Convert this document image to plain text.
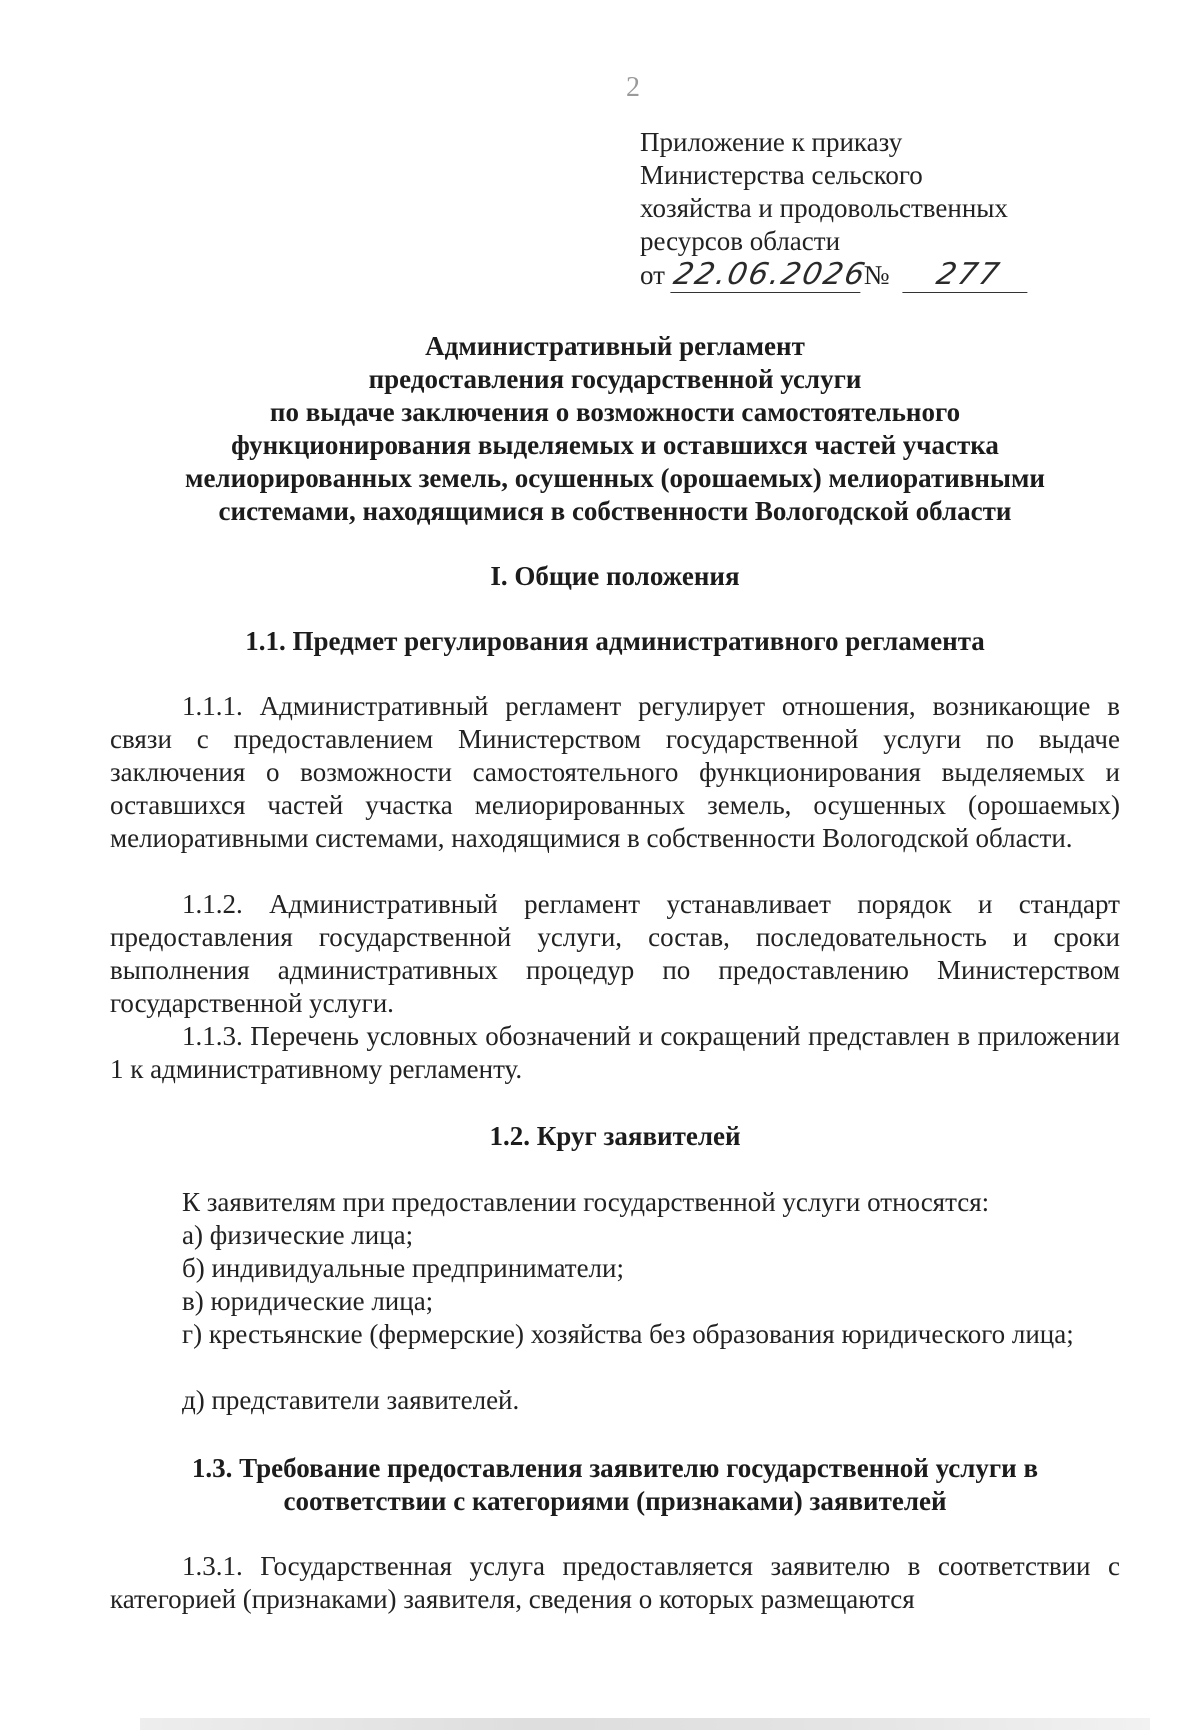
2
Приложение к приказу
Министерства сельского
хозяйства и продовольственных
ресурсов области
от 22.06.2026№ 277
Административный регламент
предоставления государственной услуги
по выдаче заключения о возможности самостоятельного
функционирования выделяемых и оставшихся частей участка
мелиорированных земель, осушенных (орошаемых) мелиоративными
системами, находящимися в собственности Вологодской области
I. Общие положения
1.1. Предмет регулирования административного регламента
1.1.1. Административный регламент регулирует отношения, возникающие в связи с предоставлением Министерством государственной услуги по выдаче заключения о возможности самостоятельного функционирования выделяемых и оставшихся частей участка мелиорированных земель, осушенных (орошаемых) мелиоративными системами, находящимися в собственности Вологодской области.
1.1.2. Административный регламент устанавливает порядок и стандарт предоставления государственной услуги, состав, последовательность и сроки выполнения административных процедур по предоставлению Министерством государственной услуги.
1.1.3. Перечень условных обозначений и сокращений представлен в приложении 1 к административному регламенту.
1.2. Круг заявителей
К заявителям при предоставлении государственной услуги относятся:
а) физические лица;
б) индивидуальные предприниматели;
в) юридические лица;
г) крестьянские (фермерские) хозяйства без образования юридического лица;
д) представители заявителей.
1.3. Требование предоставления заявителю государственной услуги в
соответствии с категориями (признаками) заявителей
1.3.1. Государственная услуга предоставляется заявителю в соответствии с категорией (признаками) заявителя, сведения о которых размещаются
